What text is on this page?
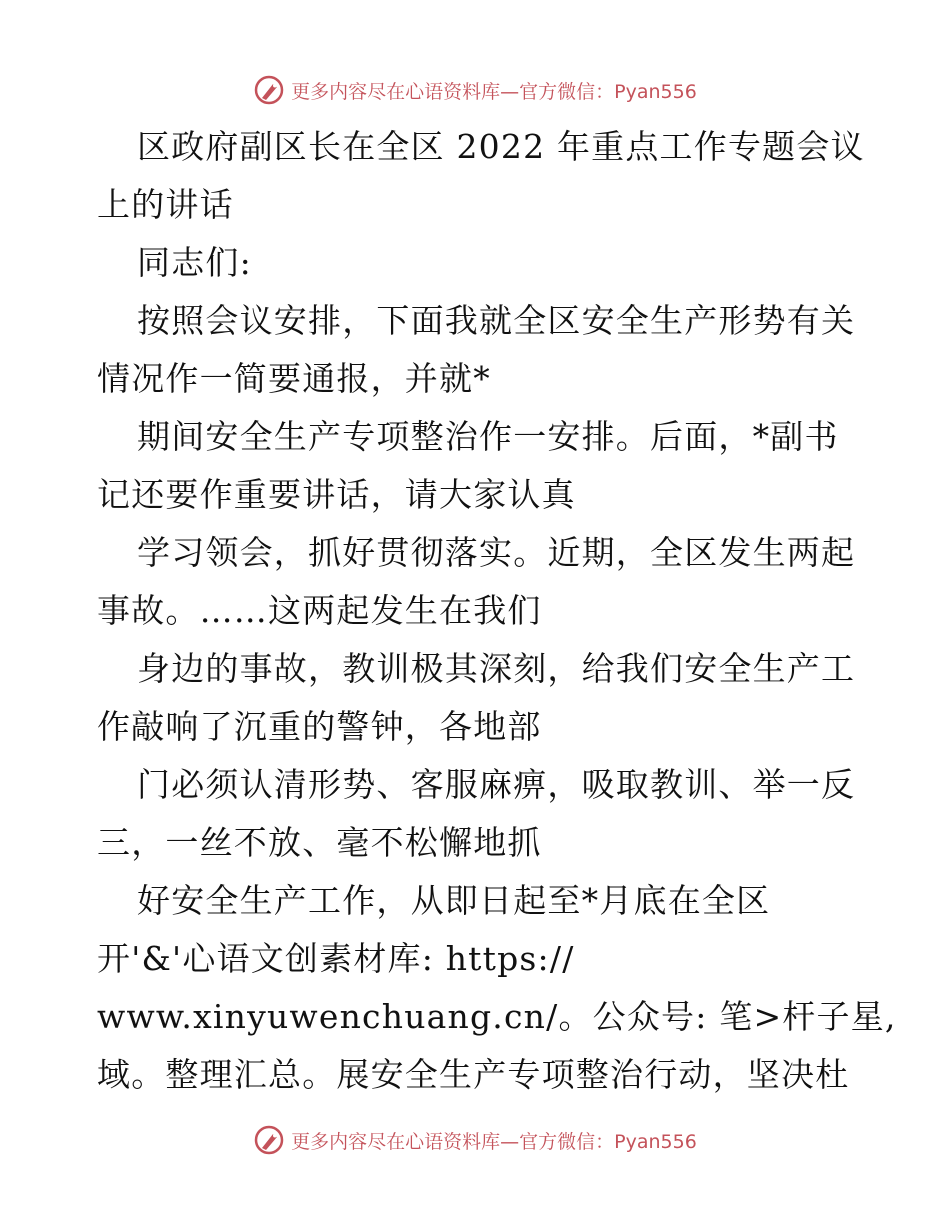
更多内容尽在心语资料库—官方微信：Pyan556
区政府副区长在全区 2022 年重点工作专题会议
上的讲话
同志们:
按照会议安排，下面我就全区安全生产形势有关
情况作一简要通报，并就*
期间安全生产专项整治作一安排。后面，*副书
记还要作重要讲话，请大家认真
学习领会，抓好贯彻落实。近期，全区发生两起
事故。……这两起发生在我们
身边的事故，教训极其深刻，给我们安全生产工
作敲响了沉重的警钟，各地部
门必须认清形势、客服麻痹，吸取教训、举一反
三，一丝不放、毫不松懈地抓
好安全生产工作，从即日起至*月底在全区
开'&'心语文创素材库: https://
www.xinyuwenchuang.cn/。公众号: 笔>杆子星,
域。整理汇总。展安全生产专项整治行动，坚决杜
更多内容尽在心语资料库—官方微信：Pyan556
